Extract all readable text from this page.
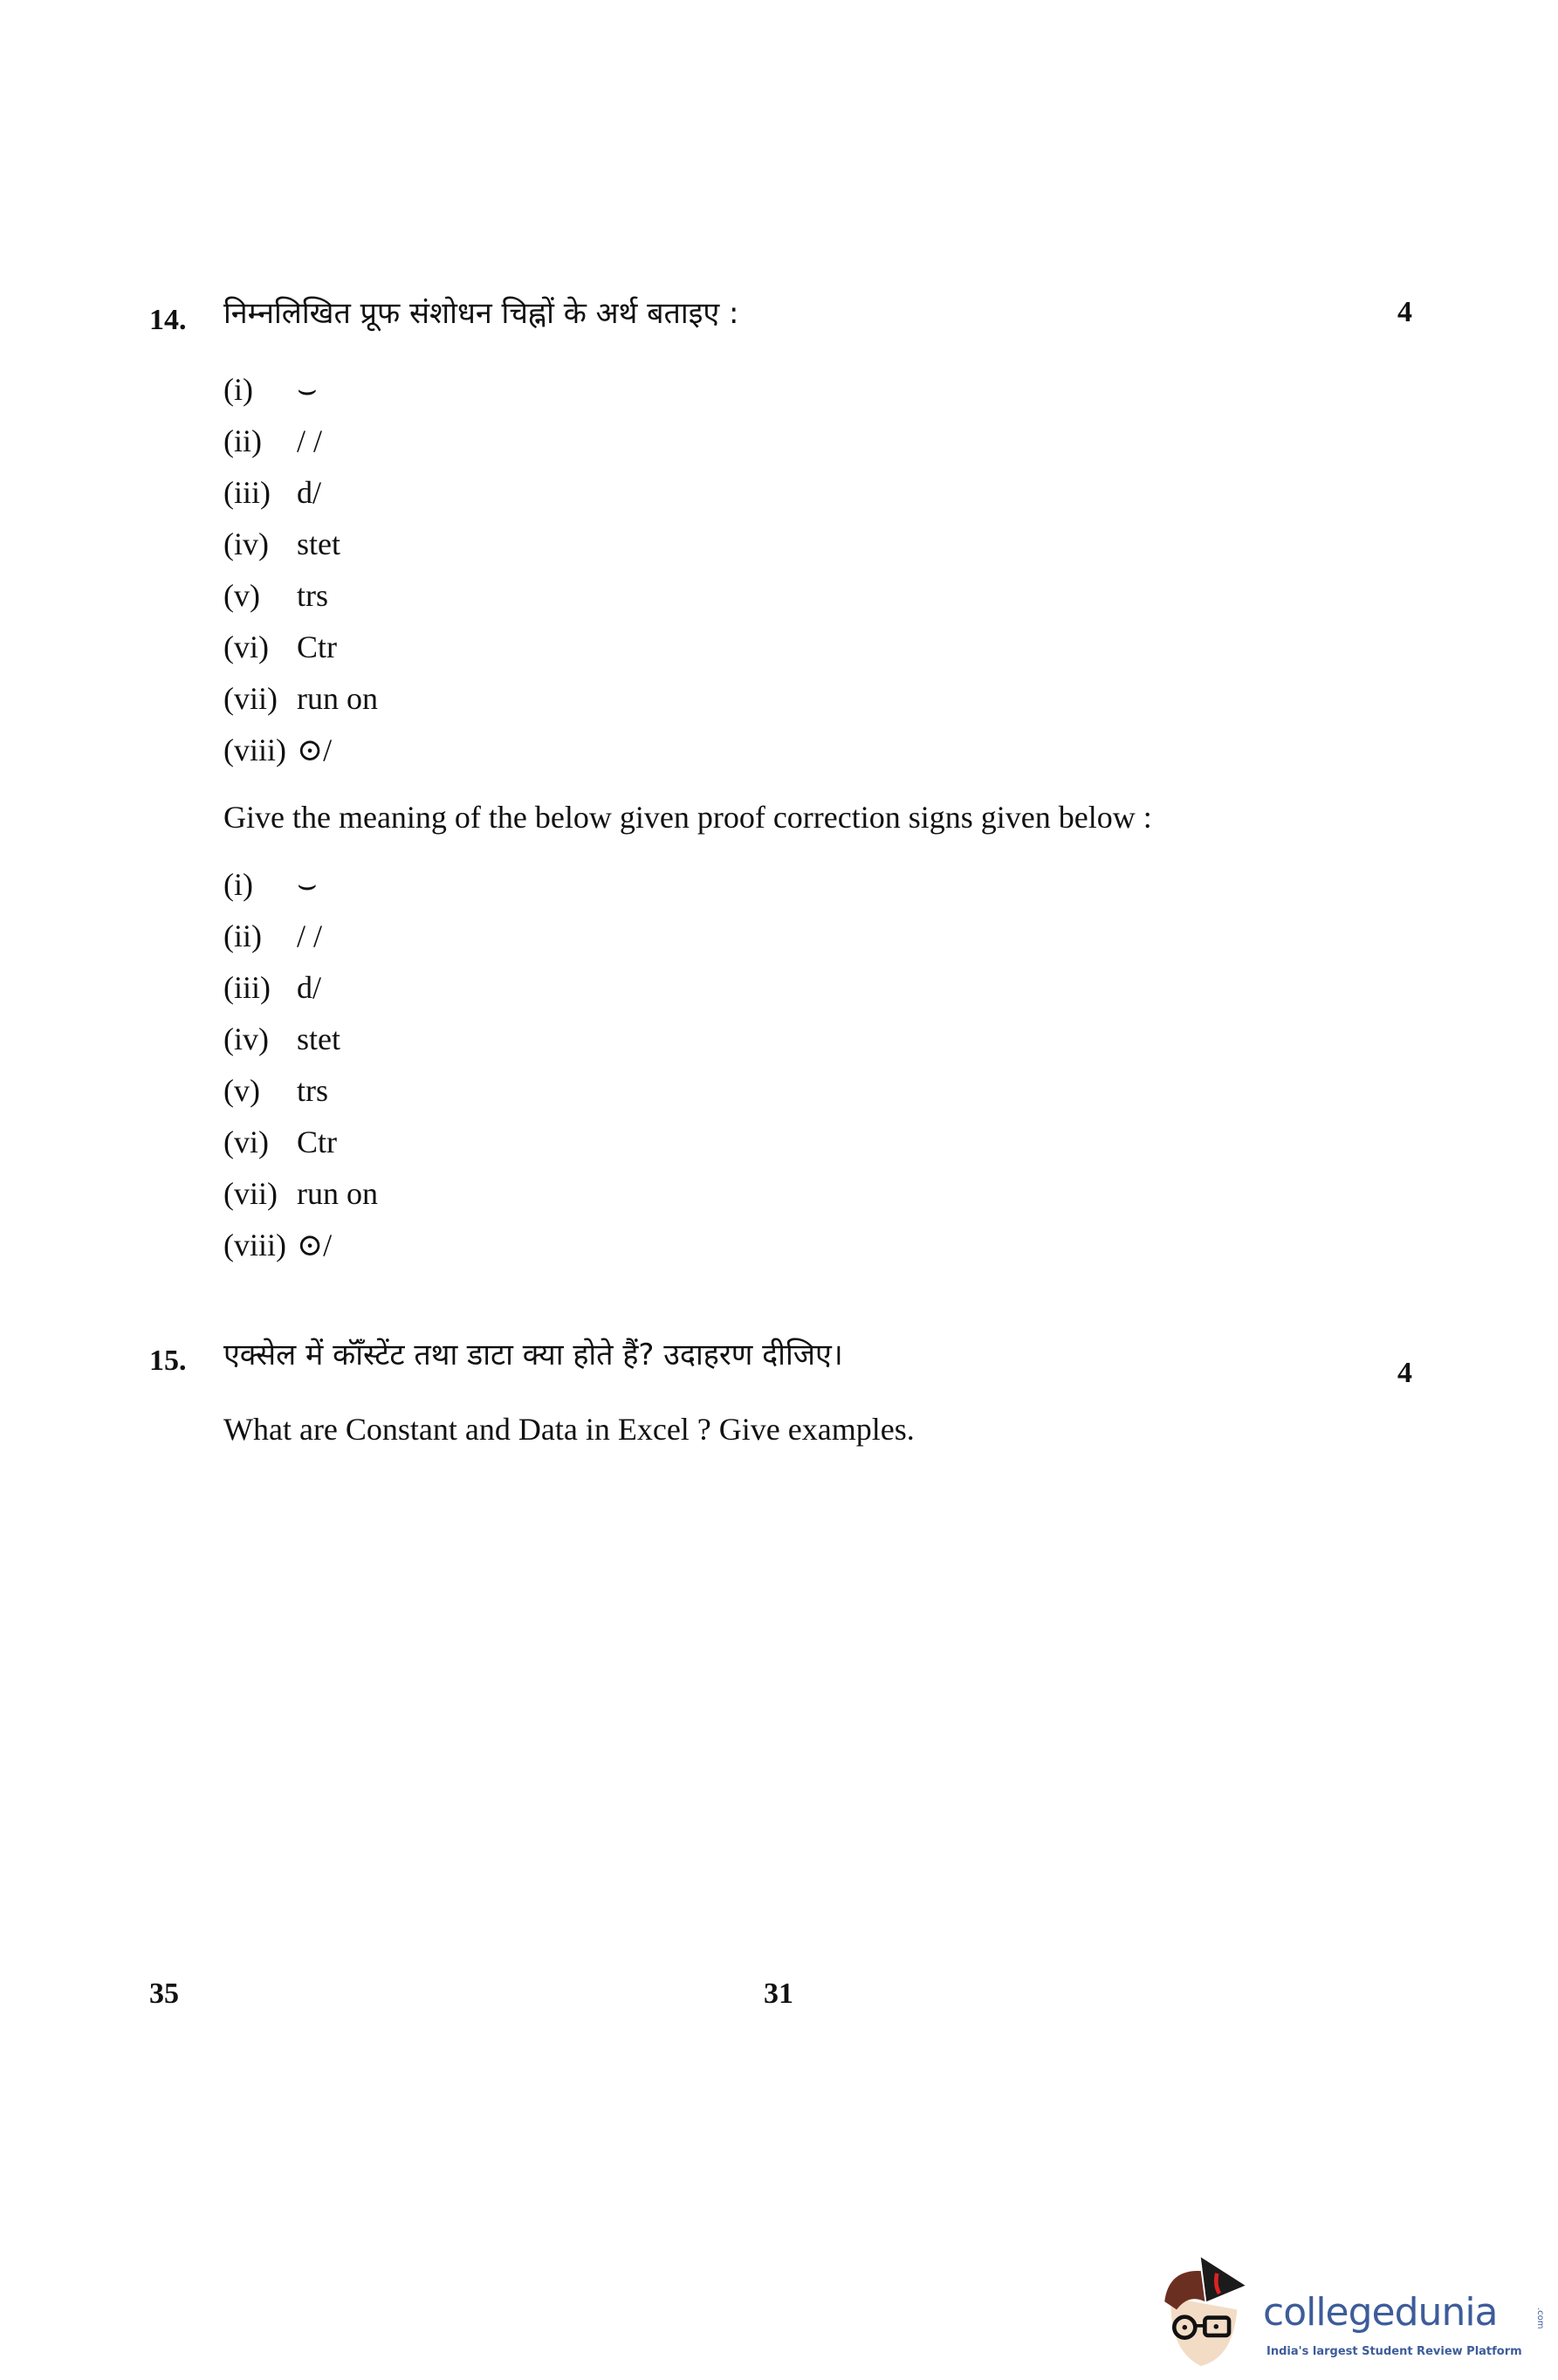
14. निम्नलिखित प्रूफ संशोधन चिह्नों के अर्थ बताइए :	4
(i) ⌣
(ii) / /
(iii) d/
(iv) stet
(v) trs
(vi) Ctr
(vii) run on
(viii) ⊙/
Give the meaning of the below given proof correction signs given below :
(i) ⌣
(ii) / /
(iii) d/
(iv) stet
(v) trs
(vi) Ctr
(vii) run on
(viii) ⊙/
15. एक्सेल में कॉँस्टेंट तथा डाटा क्या होते हैं? उदाहरण दीजिए।
4
What are Constant and Data in Excel ? Give examples.
35	31
collegedunia	.com
India's largest Student Review Platform
